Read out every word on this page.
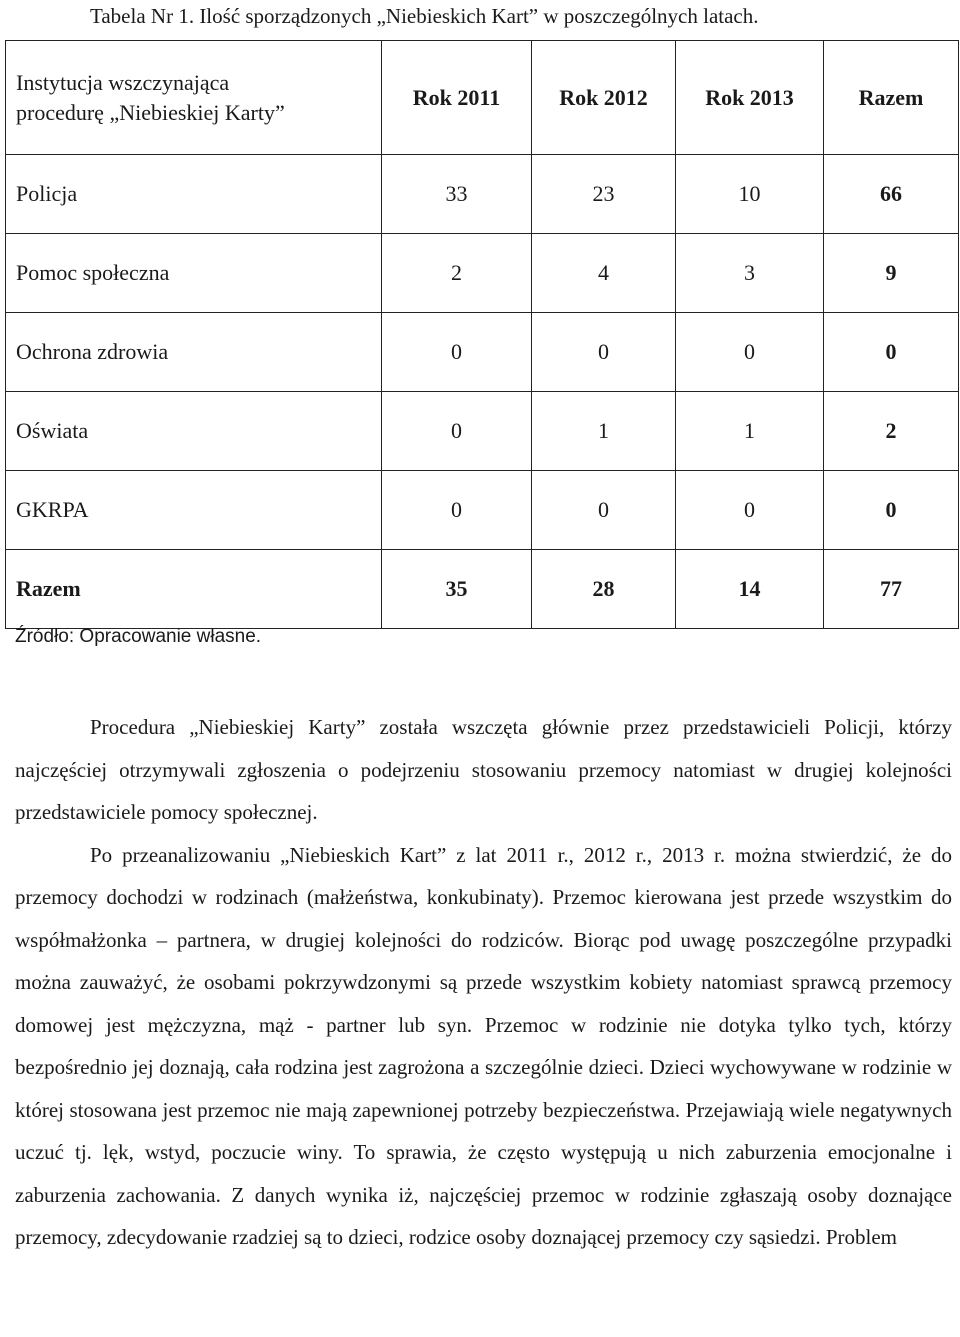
Tabela Nr 1. Ilość sporządzonych „Niebieskich Kart” w poszczególnych latach.
Instytucja wszczynająca
procedurę „Niebieskiej Karty”	Rok 2011	Rok 2012	Rok 2013	Razem
Policja	33	23	10	66
Pomoc społeczna	2	4	3	9
Ochrona zdrowia	0	0	0	0
Oświata	0	1	1	2
GKRPA	0	0	0	0
Razem	35	28	14	77
Źródło: Opracowanie własne.

Procedura „Niebieskiej Karty” została wszczęta głównie przez przedstawicieli Policji, którzy najczęściej otrzymywali zgłoszenia o podejrzeniu stosowaniu przemocy natomiast w drugiej kolejności przedstawiciele pomocy społecznej.

Po przeanalizowaniu „Niebieskich Kart” z lat 2011 r., 2012 r., 2013 r. można stwierdzić, że do przemocy dochodzi w rodzinach (małżeństwa, konkubinaty). Przemoc kierowana jest przede wszystkim do współmałżonka – partnera, w drugiej kolejności do rodziców. Biorąc pod uwagę poszczególne przypadki można zauważyć, że osobami pokrzywdzonymi są przede wszystkim kobiety natomiast sprawcą przemocy domowej jest mężczyzna, mąż - partner lub syn. Przemoc w rodzinie nie dotyka tylko tych, którzy bezpośrednio jej doznają, cała rodzina jest zagrożona a szczególnie dzieci. Dzieci wychowywane w rodzinie w której stosowana jest przemoc nie mają zapewnionej potrzeby bezpieczeństwa. Przejawiają wiele negatywnych uczuć tj. lęk, wstyd, poczucie winy. To sprawia, że często występują u nich zaburzenia emocjonalne i zaburzenia zachowania. Z danych wynika iż, najczęściej przemoc w rodzinie zgłaszają osoby doznające przemocy, zdecydowanie rzadziej są to dzieci, rodzice osoby doznającej przemocy czy sąsiedzi. Problem
